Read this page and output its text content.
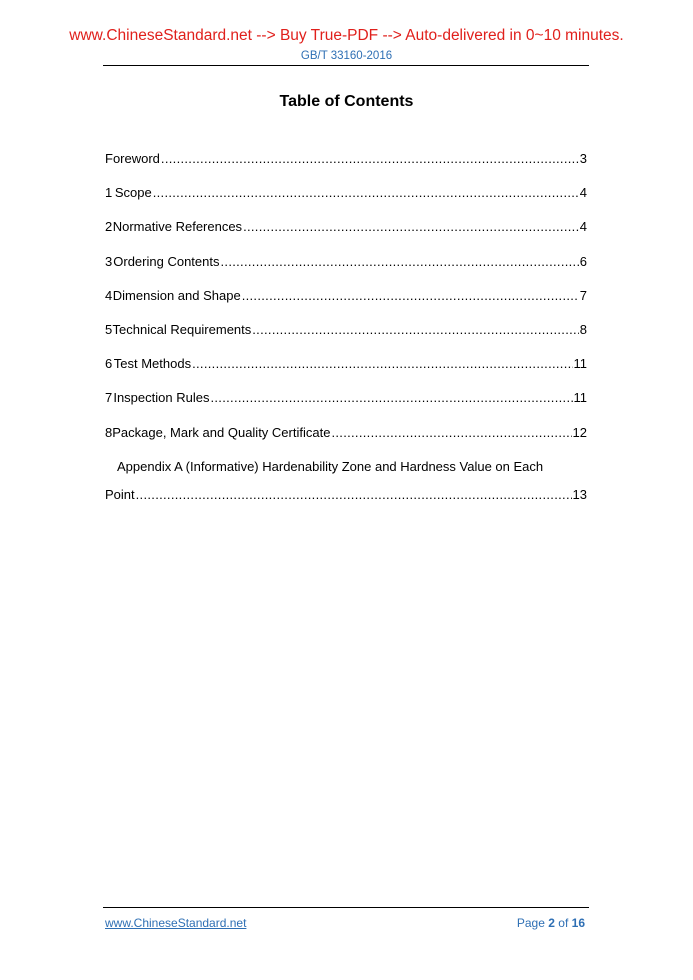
www.ChineseStandard.net --> Buy True-PDF --> Auto-delivered in 0~10 minutes.
GB/T 33160-2016
Table of Contents
Foreword .....	3
1 Scope .....	4
2 Normative References .....	4
3 Ordering Contents .....	6
4 Dimension and Shape .....	7
5 Technical Requirements .....	8
6 Test Methods .....	11
7 Inspection Rules .....	11
8 Package, Mark and Quality Certificate .....	12
Appendix A (Informative) Hardenability Zone and Hardness Value on Each
Point .....	13
www.ChineseStandard.net	Page 2 of 16
